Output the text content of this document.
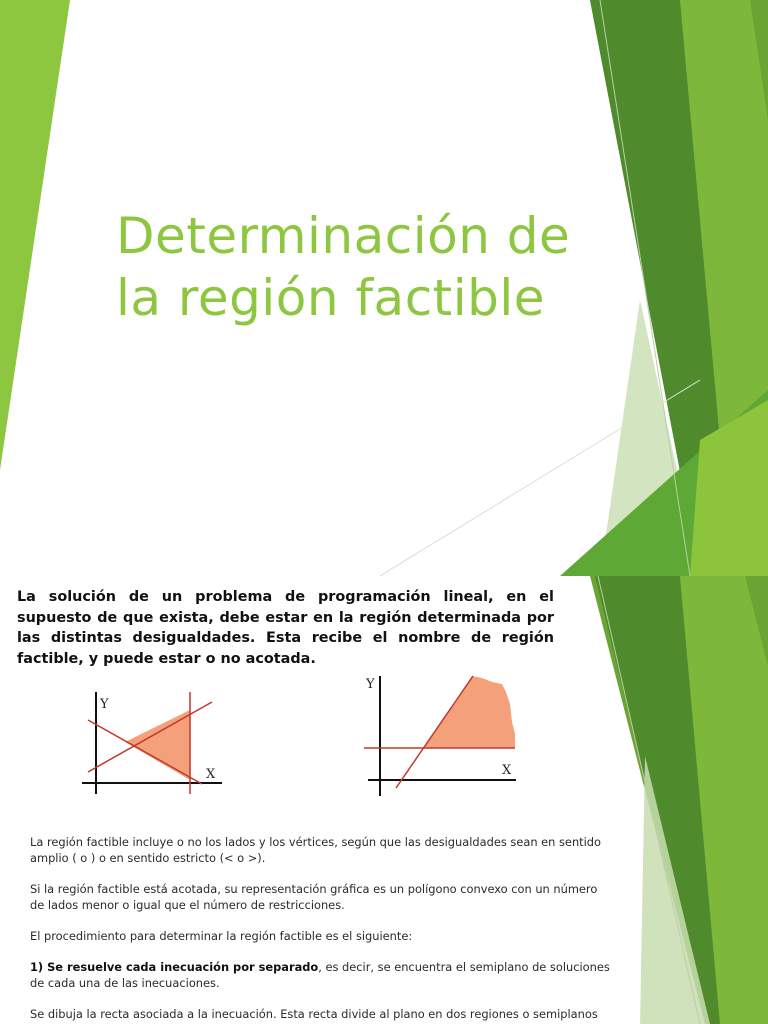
Determinación de
la región factible
La solución de un problema de programación lineal, en el supuesto de que exista, debe estar en la región determinada por las distintas desigualdades. Esta recibe el nombre de región factible, y puede estar o no acotada.
Y
X
Y
X

La región factible incluye o no los lados y los vértices, según que las desigualdades sean en sentido amplio ( o ) o en sentido estricto (< o >).

Si la región factible está acotada, su representación gráfica es un polígono convexo con un número de lados menor o igual que el número de restricciones.

El procedimiento para determinar la región factible es el siguiente:

1) Se resuelve cada inecuación por separado, es decir, se encuentra el semiplano de soluciones de cada una de las inecuaciones.

Se dibuja la recta asociada a la inecuación. Esta recta divide al plano en dos regiones o semiplanos
